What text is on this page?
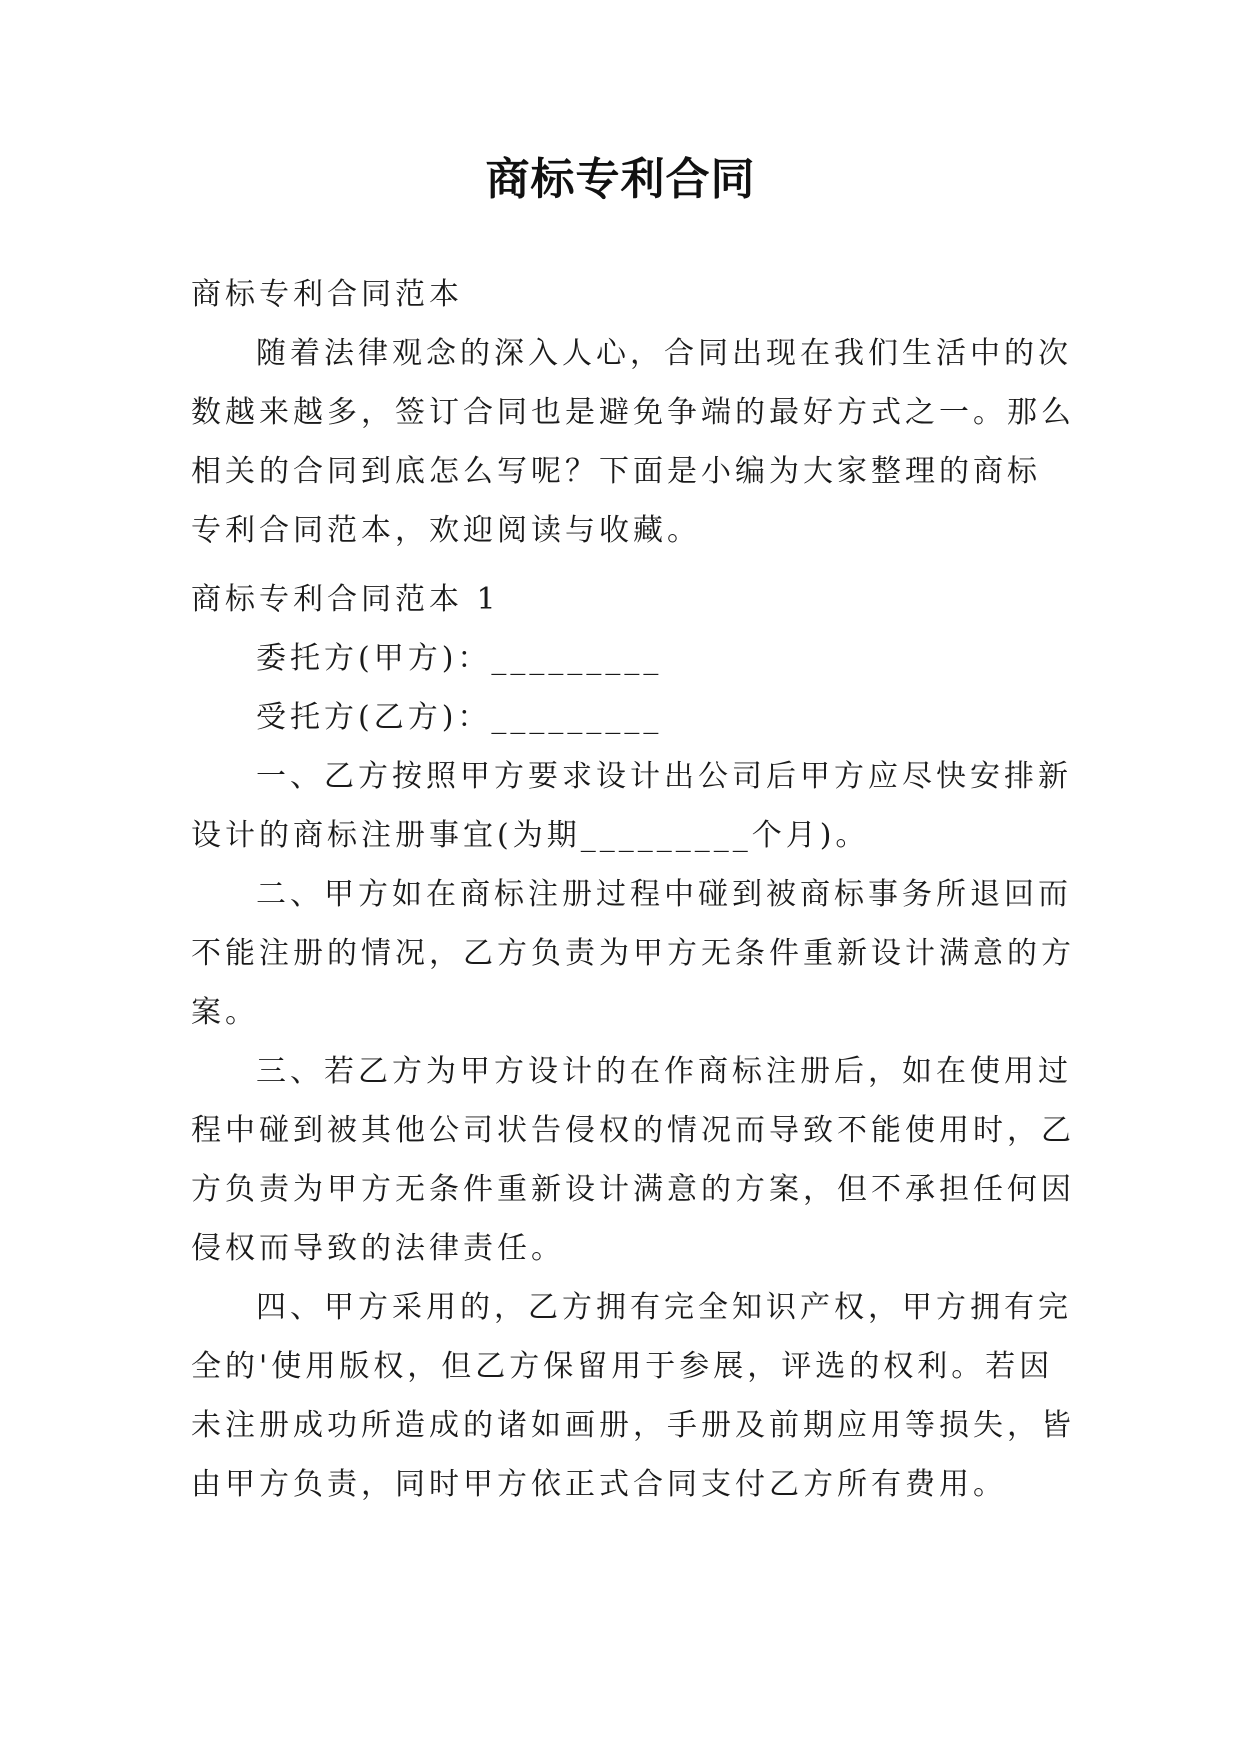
商标专利合同
商标专利合同范本
随着法律观念的深入人心，合同出现在我们生活中的次
数越来越多，签订合同也是避免争端的最好方式之一。那么
相关的合同到底怎么写呢？下面是小编为大家整理的商标
专利合同范本，欢迎阅读与收藏。
商标专利合同范本 1
委托方(甲方)：_________
受托方(乙方)：_________
一、乙方按照甲方要求设计出公司后甲方应尽快安排新
设计的商标注册事宜(为期_________个月)。
二、甲方如在商标注册过程中碰到被商标事务所退回而
不能注册的情况，乙方负责为甲方无条件重新设计满意的方
案。
三、若乙方为甲方设计的在作商标注册后，如在使用过
程中碰到被其他公司状告侵权的情况而导致不能使用时，乙
方负责为甲方无条件重新设计满意的方案，但不承担任何因
侵权而导致的法律责任。
四、甲方采用的，乙方拥有完全知识产权，甲方拥有完
全的'使用版权，但乙方保留用于参展，评选的权利。若因
未注册成功所造成的诸如画册，手册及前期应用等损失，皆
由甲方负责，同时甲方依正式合同支付乙方所有费用。
